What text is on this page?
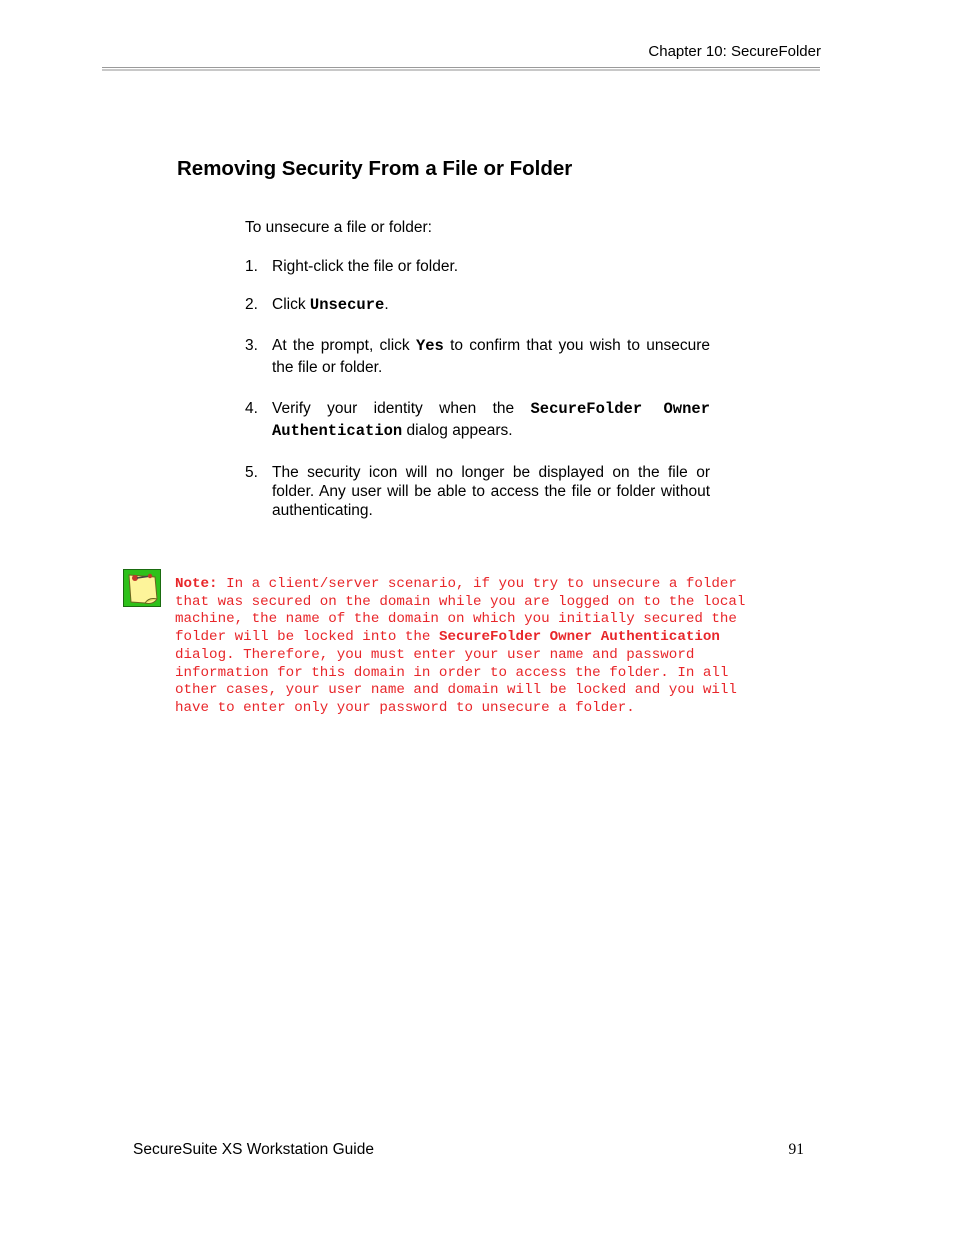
Chapter 10: SecureFolder
Removing Security From a File or Folder

To unsecure a file or folder:

1. Right-click the file or folder.
2. Click Unsecure.
3. At the prompt, click Yes to confirm that you wish to unsecure the file or folder.
4. Verify your identity when the SecureFolder Owner Authentication dialog appears.
5. The security icon will no longer be displayed on the file or folder. Any user will be able to access the file or folder without authenticating.
Note: In a client/server scenario, if you try to unsecure a folder
that was secured on the domain while you are logged on to the local
machine, the name of the domain on which you initially secured the
folder will be locked into the SecureFolder Owner Authentication
dialog. Therefore, you must enter your user name and password
information for this domain in order to access the folder. In all
other cases, your user name and domain will be locked and you will
have to enter only your password to unsecure a folder.
SecureSuite XS Workstation Guide	91
